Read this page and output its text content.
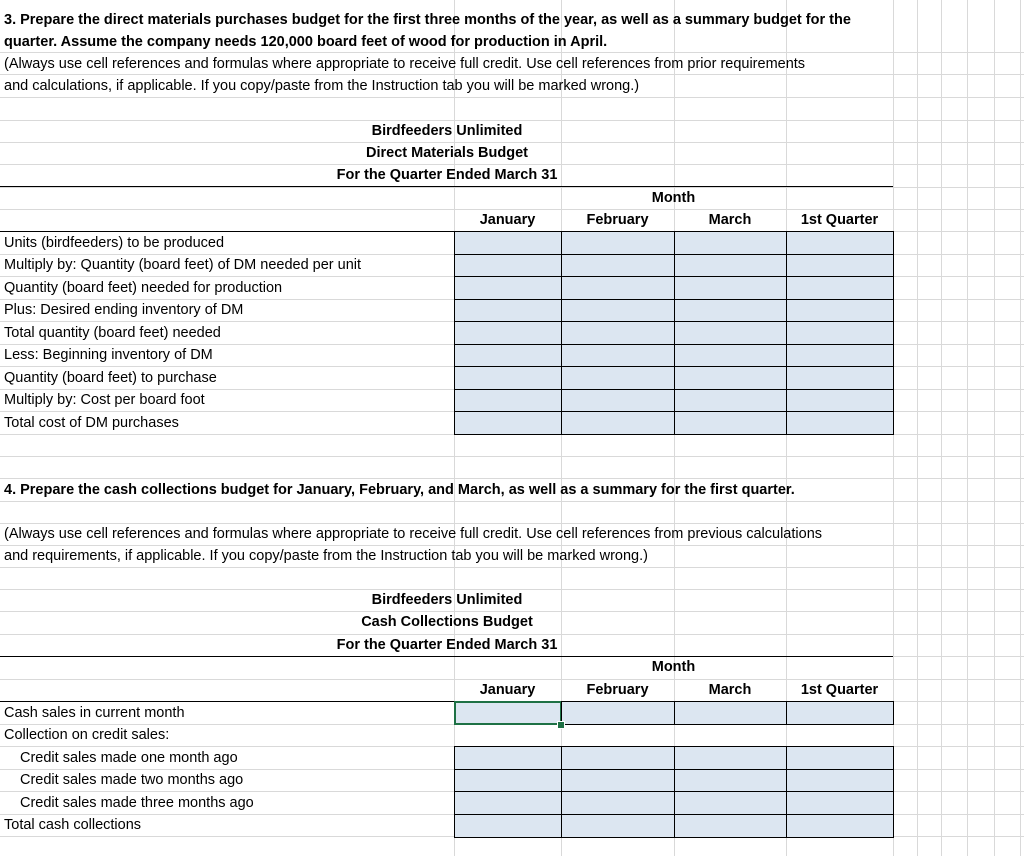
3. Prepare the direct materials purchases budget for the first three months of the year, as well as a summary budget for the
quarter. Assume the company needs 120,000 board feet of wood for production in April.
(Always use cell references and formulas where appropriate to receive full credit. Use cell references from prior requirements
and calculations, if applicable. If you copy/paste from the Instruction tab you will be marked wrong.)
Birdfeeders Unlimited
Direct Materials Budget
For the Quarter Ended March 31
Month
January	February	March	1st Quarter
Units (birdfeeders) to be produced
Multiply by: Quantity (board feet) of DM needed per unit
Quantity (board feet) needed for production
Plus: Desired ending inventory of DM
Total quantity (board feet) needed
Less: Beginning inventory of DM
Quantity (board feet) to purchase
Multiply by: Cost per board foot
Total cost of DM purchases
4. Prepare the cash collections budget for January, February, and March, as well as a summary for the first quarter.
(Always use cell references and formulas where appropriate to receive full credit. Use cell references from previous calculations
and requirements, if applicable. If you copy/paste from the Instruction tab you will be marked wrong.)
Birdfeeders Unlimited
Cash Collections Budget
For the Quarter Ended March 31
Month
January	February	March	1st Quarter
Cash sales in current month
Collection on credit sales:
Credit sales made one month ago
Credit sales made two months ago
Credit sales made three months ago
Total cash collections
